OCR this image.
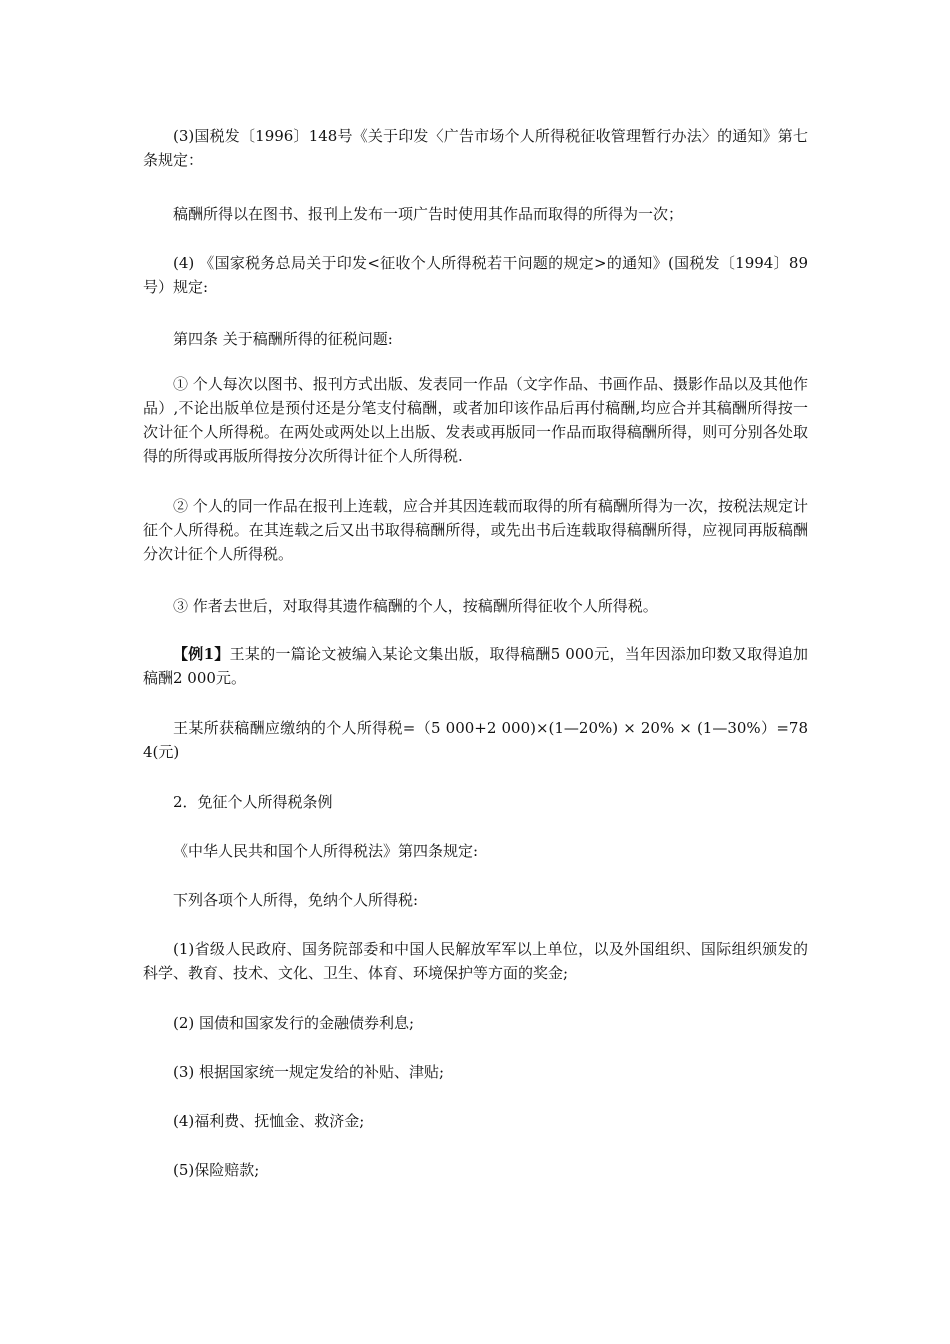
(3)国税发〔1996〕148号《关于印发〈广告市场个人所得税征收管理暂行办法〉的通知》第七条规定：

稿酬所得以在图书、报刊上发布一项广告时使用其作品而取得的所得为一次；

(4) 《国家税务总局关于印发<征收个人所得税若干问题的规定>的通知》(国税发〔1994〕89号）规定:

第四条 关于稿酬所得的征税问题:

① 个人每次以图书、报刊方式出版、发表同一作品（文字作品、书画作品、摄影作品以及其他作品）,不论出版单位是预付还是分笔支付稿酬，或者加印该作品后再付稿酬,均应合并其稿酬所得按一次计征个人所得税。在两处或两处以上出版、发表或再版同一作品而取得稿酬所得，则可分别各处取得的所得或再版所得按分次所得计征个人所得税.

② 个人的同一作品在报刊上连载，应合并其因连载而取得的所有稿酬所得为一次，按税法规定计征个人所得税。在其连载之后又出书取得稿酬所得，或先出书后连载取得稿酬所得，应视同再版稿酬分次计征个人所得税。

③ 作者去世后，对取得其遗作稿酬的个人，按稿酬所得征收个人所得税。

【例1】王某的一篇论文被编入某论文集出版，取得稿酬5 000元，当年因添加印数又取得追加稿酬2 000元。

王某所获稿酬应缴纳的个人所得税=（5 000+2 000)×(1—20%) × 20% × (1—30%）=784(元)

2．免征个人所得税条例

《中华人民共和国个人所得税法》第四条规定:

下列各项个人所得，免纳个人所得税:

(1)省级人民政府、国务院部委和中国人民解放军军以上单位，以及外国组织、国际组织颁发的科学、教育、技术、文化、卫生、体育、环境保护等方面的奖金;

(2) 国债和国家发行的金融债券利息;

(3) 根据国家统一规定发给的补贴、津贴;

(4)福利费、抚恤金、救济金;

(5)保险赔款;
